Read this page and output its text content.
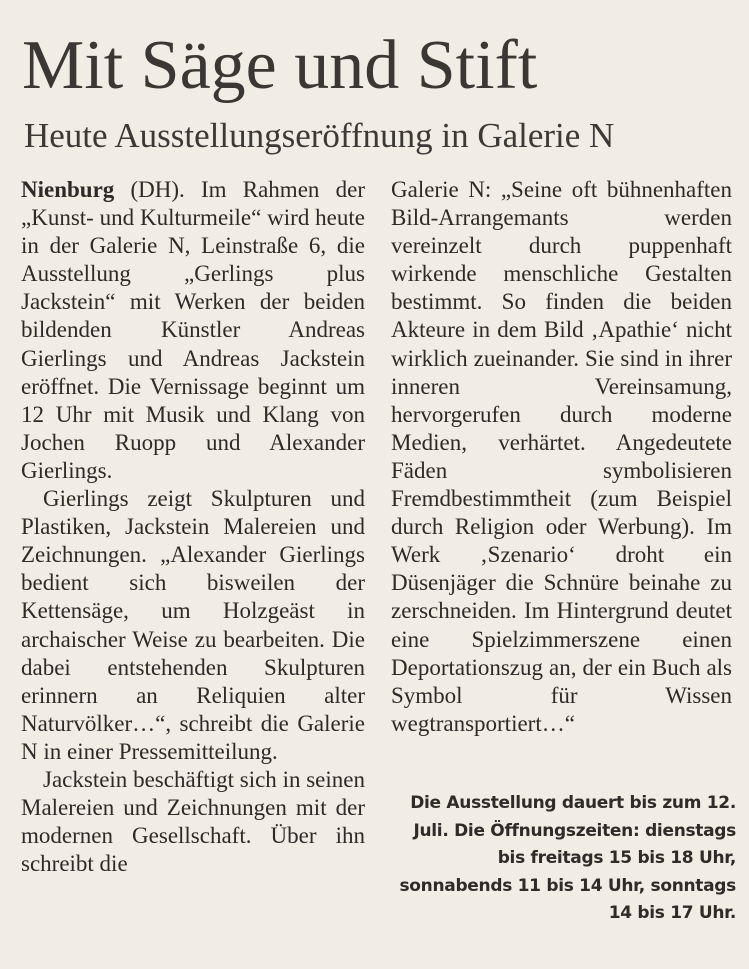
Mit Säge und Stift
Heute Ausstellungseröffnung in Galerie N

Nienburg (DH). Im Rahmen der „Kunst- und Kulturmeile“ wird heute in der Galerie N, Leinstraße 6, die Ausstellung „Gerlings plus Jackstein“ mit Werken der beiden bildenden Künstler Andreas Gierlings und Andreas Jackstein eröffnet. Die Vernissage beginnt um 12 Uhr mit Musik und Klang von Jochen Ruopp und Alexander Gierlings.

Gierlings zeigt Skulpturen und Plastiken, Jackstein Malereien und Zeichnungen. „Alexander Gierlings bedient sich bisweilen der Kettensäge, um Holzgeäst in archaischer Weise zu bearbeiten. Die dabei entstehenden Skulpturen erinnern an Reliquien alter Naturvölker…“, schreibt die Galerie N in einer Pressemitteilung.

Jackstein beschäftigt sich in seinen Malereien und Zeichnungen mit der modernen Gesellschaft. Über ihn schreibt die

Galerie N: „Seine oft bühnenhaften Bild-Arrangemants werden vereinzelt durch puppenhaft wirkende menschliche Gestalten bestimmt. So finden die beiden Akteure in dem Bild ‚Apathie‘ nicht wirklich zueinander. Sie sind in ihrer inneren Vereinsamung, hervorgerufen durch moderne Medien, verhärtet. Angedeutete Fäden symbolisieren Fremdbestimmtheit (zum Beispiel durch Religion oder Werbung). Im Werk ‚Szenario‘ droht ein Düsenjäger die Schnüre beinahe zu zerschneiden. Im Hintergrund deutet eine Spielzimmerszene einen Deportationszug an, der ein Buch als Symbol für Wissen wegtransportiert…“

Die Ausstellung dauert bis zum 12. Juli. Die Öffnungszeiten: dienstags bis freitags 15 bis 18 Uhr, sonnabends 11 bis 14 Uhr, sonntags 14 bis 17 Uhr.
